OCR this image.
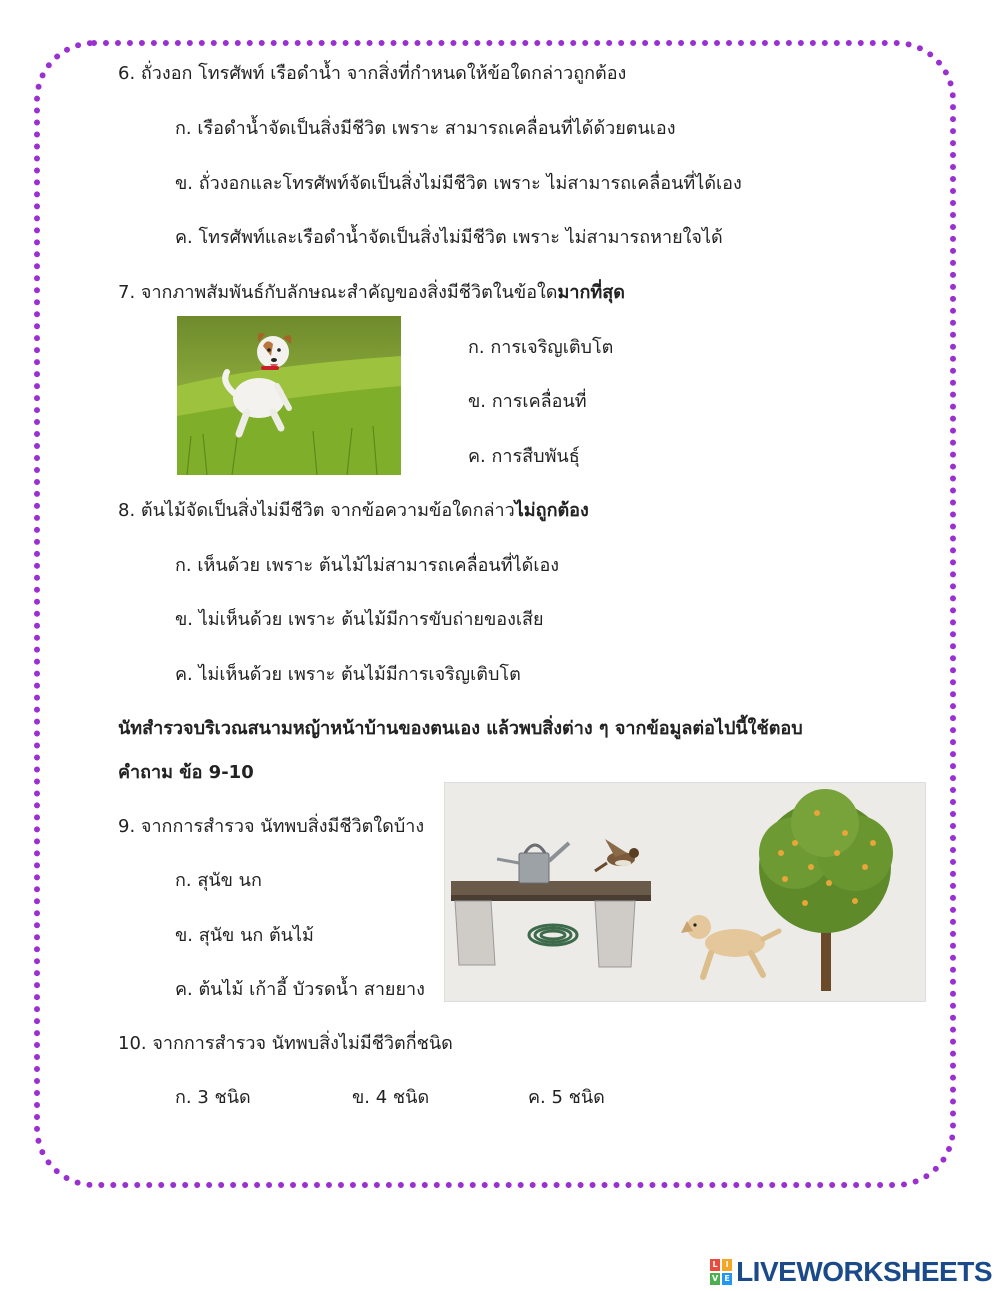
6. ถั่วงอก โทรศัพท์ เรือดำน้ำ จากสิ่งที่กำหนดให้ข้อใดกล่าวถูกต้อง
ก. เรือดำน้ำจัดเป็นสิ่งมีชีวิต เพราะ สามารถเคลื่อนที่ได้ด้วยตนเอง
ข. ถั่วงอกและโทรศัพท์จัดเป็นสิ่งไม่มีชีวิต เพราะ ไม่สามารถเคลื่อนที่ได้เอง
ค. โทรศัพท์และเรือดำน้ำจัดเป็นสิ่งไม่มีชีวิต เพราะ ไม่สามารถหายใจได้
7. จากภาพสัมพันธ์กับลักษณะสำคัญของสิ่งมีชีวิตในข้อใดมากที่สุด
ก. การเจริญเติบโต
ข. การเคลื่อนที่
ค. การสืบพันธุ์
8. ต้นไม้จัดเป็นสิ่งไม่มีชีวิต จากข้อความข้อใดกล่าวไม่ถูกต้อง
ก. เห็นด้วย เพราะ ต้นไม้ไม่สามารถเคลื่อนที่ได้เอง
ข. ไม่เห็นด้วย เพราะ ต้นไม้มีการขับถ่ายของเสีย
ค. ไม่เห็นด้วย เพราะ ต้นไม้มีการเจริญเติบโต
นัทสำรวจบริเวณสนามหญ้าหน้าบ้านของตนเอง แล้วพบสิ่งต่าง ๆ จากข้อมูลต่อไปนี้ใช้ตอบ
คำถาม ข้อ 9-10
9. จากการสำรวจ นัทพบสิ่งมีชีวิตใดบ้าง
ก. สุนัข นก
ข. สุนัข นก ต้นไม้
ค. ต้นไม้ เก้าอี้ บัวรดน้ำ สายยาง
10. จากการสำรวจ นัทพบสิ่งไม่มีชีวิตกี่ชนิด
ก. 3 ชนิด	ข. 4 ชนิด	ค. 5 ชนิด
L I
V E LIVEWORKSHEETS
